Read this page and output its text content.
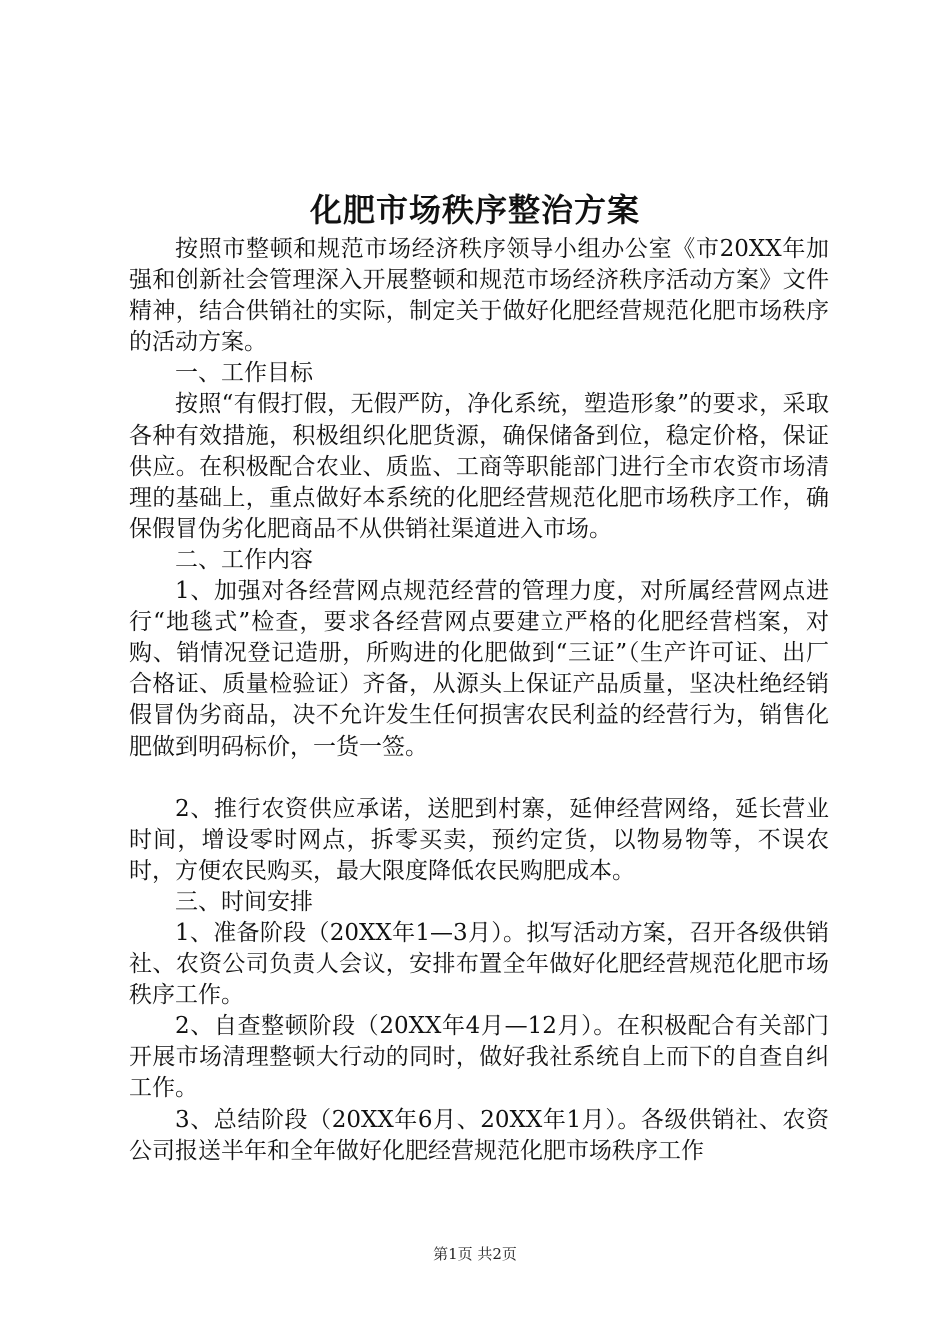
化肥市场秩序整治方案

按照市整顿和规范市场经济秩序领导小组办公室《市20XX年加强和创新社会管理深入开展整顿和规范市场经济秩序活动方案》文件精神，结合供销社的实际，制定关于做好化肥经营规范化肥市场秩序的活动方案。

一、工作目标

按照“有假打假，无假严防，净化系统，塑造形象”的要求，采取各种有效措施，积极组织化肥货源，确保储备到位，稳定价格，保证供应。在积极配合农业、质监、工商等职能部门进行全市农资市场清理的基础上，重点做好本系统的化肥经营规范化肥市场秩序工作，确保假冒伪劣化肥商品不从供销社渠道进入市场。

二、工作内容

1、加强对各经营网点规范经营的管理力度，对所属经营网点进行“地毯式”检查，要求各经营网点要建立严格的化肥经营档案，对购、销情况登记造册，所购进的化肥做到“三证”（生产许可证、出厂合格证、质量检验证）齐备，从源头上保证产品质量，坚决杜绝经销假冒伪劣商品，决不允许发生任何损害农民利益的经营行为，销售化肥做到明码标价，一货一签。

2、推行农资供应承诺，送肥到村寨，延伸经营网络，延长营业时间，增设零时网点，拆零买卖，预约定货，以物易物等，不误农时，方便农民购买，最大限度降低农民购肥成本。

三、时间安排

1、准备阶段（20XX年1—3月）。拟写活动方案，召开各级供销社、农资公司负责人会议，安排布置全年做好化肥经营规范化肥市场秩序工作。

2、自查整顿阶段（20XX年4月—12月）。在积极配合有关部门开展市场清理整顿大行动的同时，做好我社系统自上而下的自查自纠工作。

3、总结阶段（20XX年6月、20XX年1月）。各级供销社、农资公司报送半年和全年做好化肥经营规范化肥市场秩序工作

第1页 共2页
